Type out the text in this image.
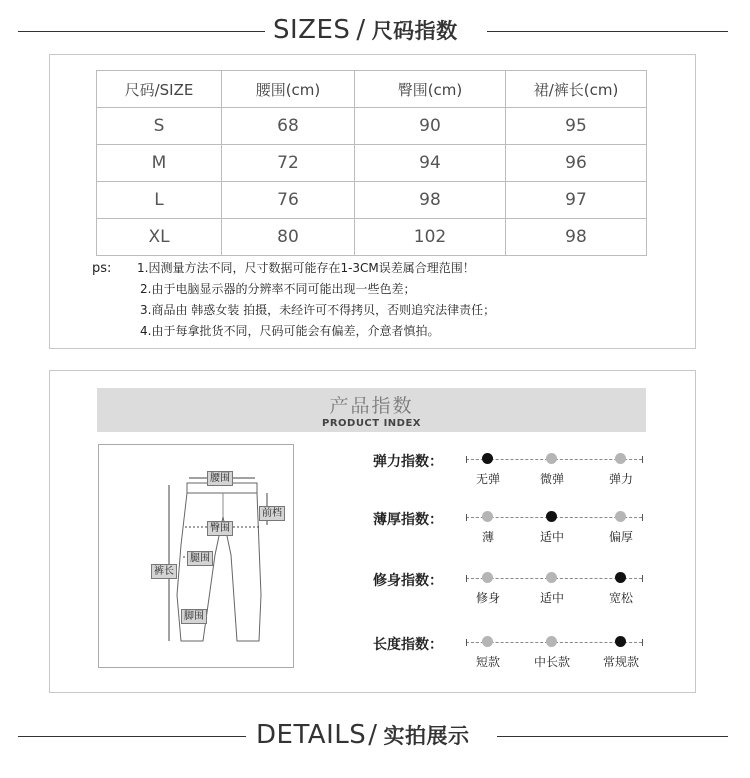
SIZES / 尺码指数
尺码/SIZE	腰围(cm)	臀围(cm)	裙/裤长(cm)
S	68	90	95
M	72	94	96
L	76	98	97
XL	80	102	98
ps: 1.因测量方法不同，尺寸数据可能存在1-3CM误差属合理范围！
2.由于电脑显示器的分辨率不同可能出现一些色差；
3.商品由 韩惑女装 拍摄，未经许可不得拷贝，否则追究法律责任；
4.由于每拿批货不同，尺码可能会有偏差，介意者慎拍。
产品指数
PRODUCT INDEX
腰围
前档
臀围
腿围
裤长
脚围
弹力指数：
无弹	微弹	弹力
薄厚指数：
薄	适中	偏厚
修身指数：
修身	适中	宽松
长度指数：
短款	中长款	常规款
DETAILS/ 实拍展示
